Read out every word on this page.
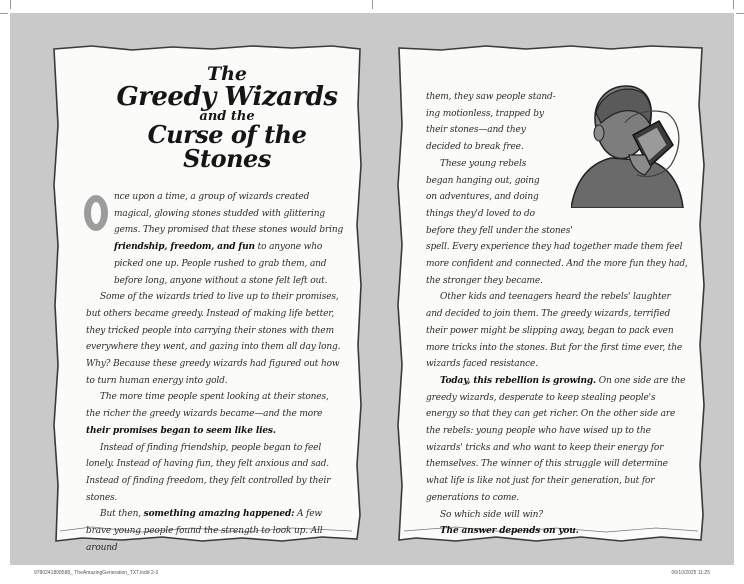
The
Greedy Wizards
and the
Curse of the Stones
O	nce upon a time, a group of wizards created

magical, glowing stones studded with glittering gems. They promised that these stones would bring friendship, freedom, and fun to anyone who picked one up. People rushed to grab them, and before long, anyone without a stone felt left out.

Some of the wizards tried to live up to their promises, but others became greedy. Instead of making life better, they tricked people into carrying their stones with them everywhere they went, and gazing into them all day long. Why? Because these greedy wizards had figured out how to turn human energy into gold.

The more time people spent looking at their stones, the richer the greedy wizards became—and the more their promises began to seem like lies.

Instead of finding friendship, people began to feel lonely. Instead of having fun, they felt anxious and sad. Instead of finding freedom, they felt controlled by their stones.

But then, something amazing happened: A few brave young people found the strength to look up. All around

them, they saw people stand-
ing motionless, trapped by
their stones—and they
decided to break free.
These young rebels
began hanging out, going
on adventures, and doing
things they'd loved to do
before they fell under the stones'

spell. Every experience they had together made them feel more confident and connected. And the more fun they had, the stronger they became.

Other kids and teenagers heard the rebels' laughter and decided to join them. The greedy wizards, terrified their power might be slipping away, began to pack even more tricks into the stones. But for the first time ever, the wizards faced resistance.

Today, this rebellion is growing. On one side are the greedy wizards, desperate to keep stealing people's energy so that they can get richer. On the other side are the rebels: young people who have wised up to the wizards' tricks and who want to keep their energy for themselves. The winner of this struggle will determine what life is like not just for their generation, but for generations to come.

So which side will win?

The answer depends on you.

9780241808588_ TheAmazingGeneration_TXT.indd 2-3	06/10/2025 11:25
